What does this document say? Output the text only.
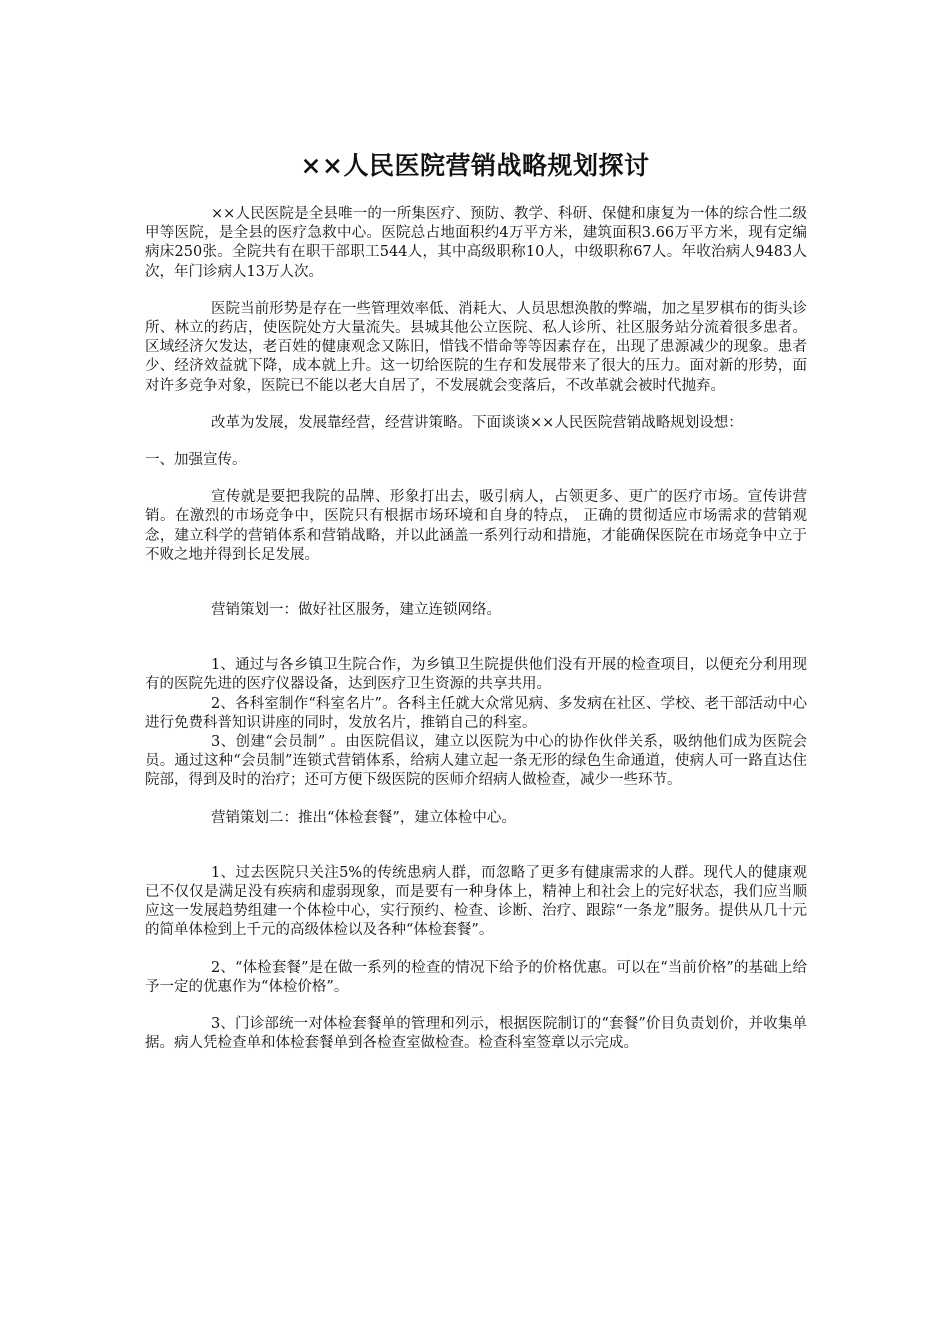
××人民医院营销战略规划探讨

××人民医院是全县唯一的一所集医疗、预防、教学、科研、保健和康复为一体的综合性二级甲等医院，是全县的医疗急救中心。医院总占地面积约4万平方米，建筑面积3.66万平方米，现有定编病床250张。全院共有在职干部职工544人，其中高级职称10人，中级职称67人。年收治病人9483人次，年门诊病人13万人次。

医院当前形势是存在一些管理效率低、消耗大、人员思想涣散的弊端，加之星罗棋布的街头诊所、林立的药店，使医院处方大量流失。县城其他公立医院、私人诊所、社区服务站分流着很多患者。区域经济欠发达，老百姓的健康观念又陈旧，惜钱不惜命等等因素存在，出现了患源减少的现象。患者少、经济效益就下降，成本就上升。这一切给医院的生存和发展带来了很大的压力。面对新的形势，面对许多竞争对象，医院已不能以老大自居了，不发展就会变落后，不改革就会被时代抛弃。

改革为发展，发展靠经营，经营讲策略。下面谈谈××人民医院营销战略规划设想：

一、加强宣传。

宣传就是要把我院的品牌、形象打出去，吸引病人，占领更多、更广的医疗市场。宣传讲营销。在激烈的市场竞争中，医院只有根据市场环境和自身的特点， 正确的贯彻适应市场需求的营销观念，建立科学的营销体系和营销战略，并以此涵盖一系列行动和措施，才能确保医院在市场竞争中立于不败之地并得到长足发展。

营销策划一：做好社区服务，建立连锁网络。

1、通过与各乡镇卫生院合作，为乡镇卫生院提供他们没有开展的检查项目，以便充分利用现有的医院先进的医疗仪器设备，达到医疗卫生资源的共享共用。

2、各科室制作“科室名片”。各科主任就大众常见病、多发病在社区、学校、老干部活动中心进行免费科普知识讲座的同时，发放名片，推销自己的科室。

3、创建“会员制” 。由医院倡议，建立以医院为中心的协作伙伴关系，吸纳他们成为医院会员。通过这种“会员制”连锁式营销体系，给病人建立起一条无形的绿色生命通道，使病人可一路直达住院部，得到及时的治疗；还可方便下级医院的医师介绍病人做检查，减少一些环节。

营销策划二：推出“体检套餐”，建立体检中心。

1、过去医院只关注5%的传统患病人群，而忽略了更多有健康需求的人群。现代人的健康观已不仅仅是满足没有疾病和虚弱现象，而是要有一种身体上，精神上和社会上的完好状态，我们应当顺应这一发展趋势组建一个体检中心，实行预约、检查、诊断、治疗、跟踪“一条龙”服务。提供从几十元的简单体检到上千元的高级体检以及各种“体检套餐”。

2、“体检套餐”是在做一系列的检查的情况下给予的价格优惠。可以在“当前价格”的基础上给予一定的优惠作为“体检价格”。

3、门诊部统一对体检套餐单的管理和列示，根据医院制订的“套餐”价目负责划价，并收集单据。病人凭检查单和体检套餐单到各检查室做检查。检查科室签章以示完成。
